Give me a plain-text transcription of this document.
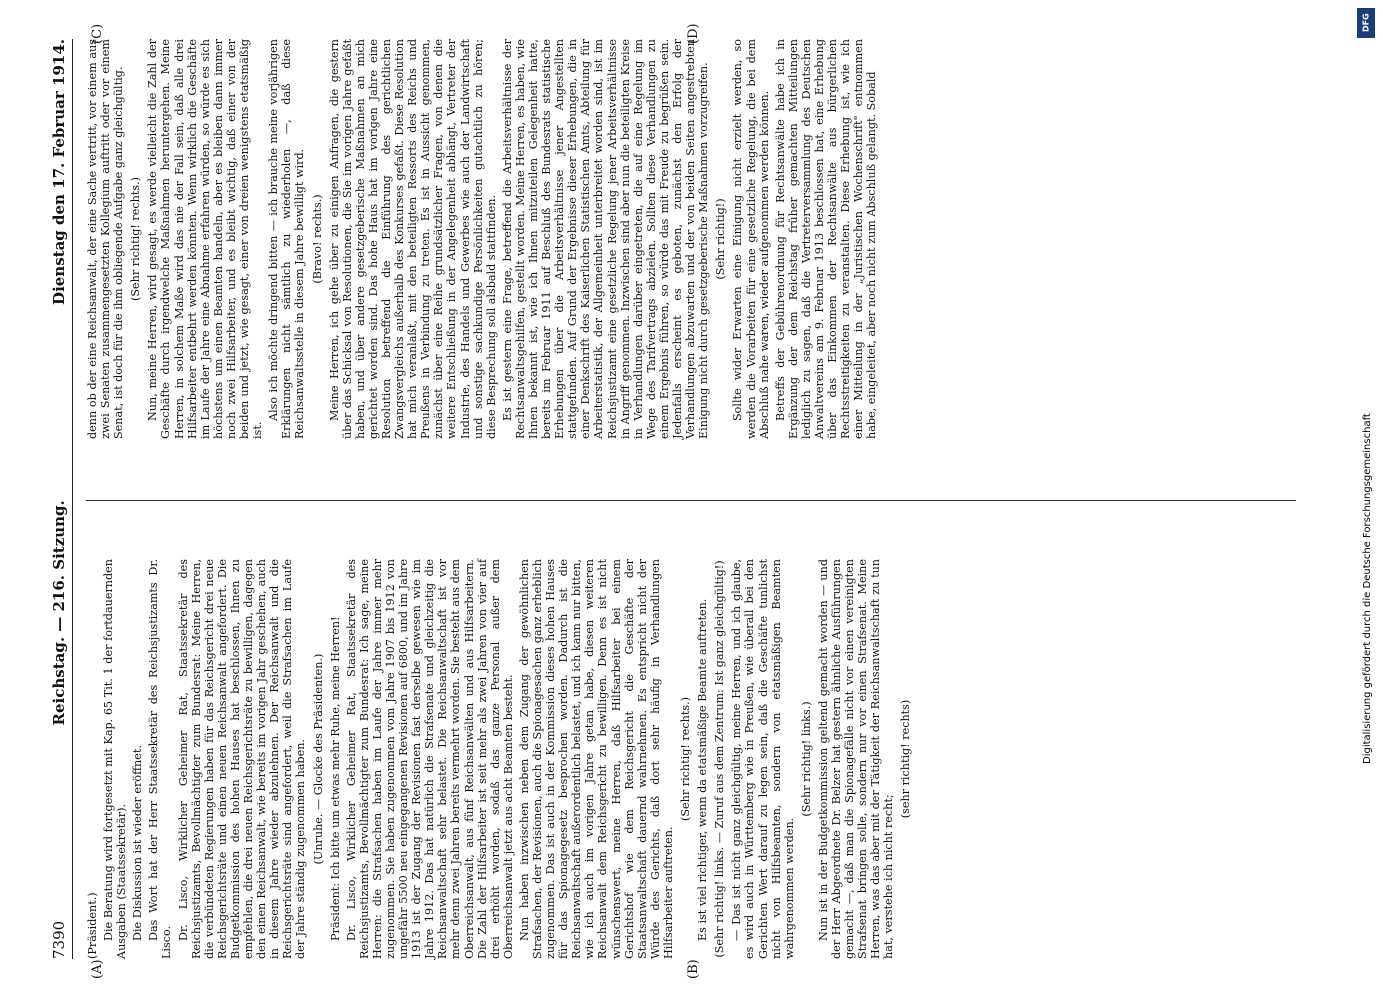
7390
Reichstag. — 216. Sitzung.
Dienstag den 17. Februar 1914.
(A)	(B)
(C)	(D)

(Präsident.) Die Beratung wird fortgesetzt mit Kap. 65 Tit. 1 der fortdauernden Ausgaben (Staatssekretär). Die Diskussion ist wieder eröffnet. Das Wort hat der Herr Staatssekretär des Reichsjustizamts Dr. Lisco.

Dr. Lisco, Wirklicher Geheimer Rat, Staatssekretär des Reichsjustizamts, Bevollmächtigter zum Bundesrat: Meine Herren, die verbündeten Regierungen haben für das Reichsgericht drei neue Reichsgerichtsräte und einen neuen Reichsanwalt angefordert. Die Budgetkommission des hohen Hauses hat beschlossen, Ihnen zu empfehlen, die drei neuen Reichsgerichtsräte zu bewilligen, dagegen den einen Reichsanwalt, wie bereits im vorigen Jahr geschehen, auch in diesem Jahre wieder abzulehnen. Der Reichsanwalt und die Reichsgerichtsräte sind angefordert, weil die Strafsachen im Laufe der Jahre ständig zugenommen haben. (Unruhe. — Glocke des Präsidenten.) Präsident: Ich bitte um etwas mehr Ruhe, meine Herren! Dr. Lisco, Wirklicher Geheimer Rat, Staatssekretär des Reichsjustizamts, Bevollmächtigter zum Bundesrat: Ich sage, meine Herren: die Strafsachen haben im Laufe der Jahre immer mehr zugenommen. Sie haben zugenommen vom Jahre 1907 bis 1912 von ungefähr 5500 neu eingegangenen Revisionen auf 6800, und im Jahre 1913 ist der Zugang der Revisionen fast derselbe gewesen wie im Jahre 1912. Das hat natürlich die Strafsenate und gleichzeitig die Reichsanwaltschaft sehr belastet. Die Reichsanwaltschaft ist vor mehr denn zwei Jahren bereits vermehrt worden. Sie besteht aus dem Oberreichsanwalt, aus fünf Reichsanwälten und aus Hilfsarbeitern. Die Zahl der Hilfsarbeiter ist seit mehr als zwei Jahren von vier auf drei erhöht worden, sodaß das ganze Personal außer dem Oberreichsanwalt jetzt aus acht Beamten besteht. Nun haben inzwischen neben dem Zugang der gewöhnlichen Strafsachen, der Revisionen, auch die Spionagesachen ganz erheblich zugenommen. Das ist auch in der Kommission dieses hohen Hauses für das Spionagegesetz besprochen worden. Dadurch ist die Reichsanwaltschaft außerordentlich belastet, und ich kann nur bitten, wie ich auch im vorigen Jahre getan habe, diesen weiteren Reichsanwalt dem Reichsgericht zu bewilligen. Denn es ist nicht wünschenswert, meine Herren, daß Hilfsarbeiter bei einem Gerichtshof wie dem Reichsgericht die Geschäfte der Staatsanwaltschaft dauernd wahrnehmen. Es entspricht nicht der Würde des Gerichts, daß dort sehr häufig in Verhandlungen Hilfsarbeiter auftreten.

(Sehr richtig! rechts.) Es ist viel richtiger, wenn da etatsmäßige Beamte auftreten. (Sehr richtig! links. — Zuruf aus dem Zentrum: Ist ganz gleichgültig!) — Das ist nicht ganz gleichgültig, meine Herren, und ich glaube, es wird auch in Württemberg wie in Preußen, wie überall bei den Gerichten Wert darauf zu legen sein, daß die Geschäfte tunlichst nicht von Hilfsbeamten, sondern von etatsmäßigen Beamten wahrgenommen werden.

(Sehr richtig! links.) Nun ist in der Budgetkommission geltend gemacht worden — und der Herr Abgeordnete Dr. Belzer hat gestern ähnliche Ausführungen gemacht —, daß man die Spionagefälle nicht vor einen vereinigten Strafsenat bringen solle, sondern nur vor einen Strafsenat. Meine Herren, was das aber mit der Tätigkeit der Reichsanwaltschaft zu tun hat, verstehe ich nicht recht;

(sehr richtig! rechts)

denn ob der eine Reichsanwalt, der eine Sache vertritt, vor einem aus zwei Senaten zusammengesetzten Kollegium auftritt oder vor einem Senat, ist doch für die ihm obliegende Aufgabe ganz gleichgültig. (Sehr richtig! rechts.) Nun, meine Herren, wird gesagt, es werde vielleicht die Zahl der Geschäfte durch irgendwelche Maßnahmen heruntergehen. Meine Herren, in solchem Maße wird das nie der Fall sein, daß alle drei Hilfsarbeiter entbehrt werden könnten. Wenn wirklich die Geschäfte im Laufe der Jahre eine Abnahme erfahren würden, so würde es sich höchstens um einen Beamten handeln, aber es bleiben dann immer noch zwei Hilfsarbeiter, und es bleibt wichtig, daß einer von der beiden und jetzt, wie gesagt, einer von dreien wenigstens etatsmäßig ist.

Also ich möchte dringend bitten — ich brauche meine vorjährigen Erklärungen nicht sämtlich zu wiederholen —, daß diese Reichsanwaltsstelle in diesem Jahre bewilligt wird. (Bravo! rechts.) Meine Herren, ich gehe über zu einigen Anfragen, die gestern über das Schicksal von Resolutionen, die Sie im vorigen Jahre gefaßt haben, und über andere gesetzgeberische Maßnahmen an mich gerichtet worden sind. Das hohe Haus hat im vorigen Jahre eine Resolution betreffend die Einführung des gerichtlichen Zwangsvergleichs außerhalb des Konkurses gefaßt. Diese Resolution hat mich veranlaßt, mit den beteiligten Ressorts des Reichs und Preußens in Verbindung zu treten. Es ist in Aussicht genommen, zunächst über eine Reihe grundsätzlicher Fragen, von denen die weitere Entschließung in der Angelegenheit abhängt, Vertreter der Industrie, des Handels und Gewerbes wie auch der Landwirtschaft und sonstige sachkundige Persönlichkeiten gutachtlich zu hören; diese Besprechung soll alsbald stattfinden. Es ist gestern eine Frage, betreffend die Arbeitsverhältnisse der Rechtsanwaltsgehilfen, gestellt worden. Meine Herren, es haben, wie Ihnen bekannt ist, wie ich Ihnen mitzuteilen Gelegenheit hatte, bereits im Februar 1911 auf Beschluß des Bundesrats statistische Erhebungen über die Arbeitsverhältnisse jener Angestellten stattgefunden. Auf Grund der Ergebnisse dieser Erhebungen, die in einer Denkschrift des Kaiserlichen Statistischen Amts, Abteilung für Arbeiterstatistik, der Allgemeinheit unterbreitet worden sind, ist im Reichsjustizamt eine gesetzliche Regelung jener Arbeitsverhältnisse in Angriff genommen. Inzwischen sind aber nun die beteiligten Kreise in Verhandlungen darüber eingetreten, die auf eine Regelung im Wege des Tarifvertrags abzielen. Sollten diese Verhandlungen zu einem Ergebnis führen, so würde das mit Freude zu begrüßen sein. Jedenfalls erscheint es geboten, zunächst den Erfolg der Verhandlungen abzuwarten und der von beiden Seiten angestrebten Einigung nicht durch gesetzgeberische Maßnahmen vorzugreifen. (Sehr richtig!) Sollte wider Erwarten eine Einigung nicht erzielt werden, so werden die Vorarbeiten für eine gesetzliche Regelung, die bei dem Abschluß nahe waren, wieder aufgenommen werden können. Betreffs der Gebührenordnung für Rechtsanwälte habe ich in Ergänzung der dem Reichstag früher gemachten Mitteilungen lediglich zu sagen, daß die Vertreterversammlung des Deutschen Anwaltvereins am 9. Februar 1913 beschlossen hat, eine Erhebung über das Einkommen der Rechtsanwälte aus bürgerlichen Rechtsstreitigkeiten zu veranstalten. Diese Erhebung ist, wie ich einer Mitteilung in der „Juristischen Wochenschrift" entnommen habe, eingeleitet, aber noch nicht zum Abschluß gelangt. Sobald

DFG
Digitalisierung gefördert durch die Deutsche Forschungsgemeinschaft
